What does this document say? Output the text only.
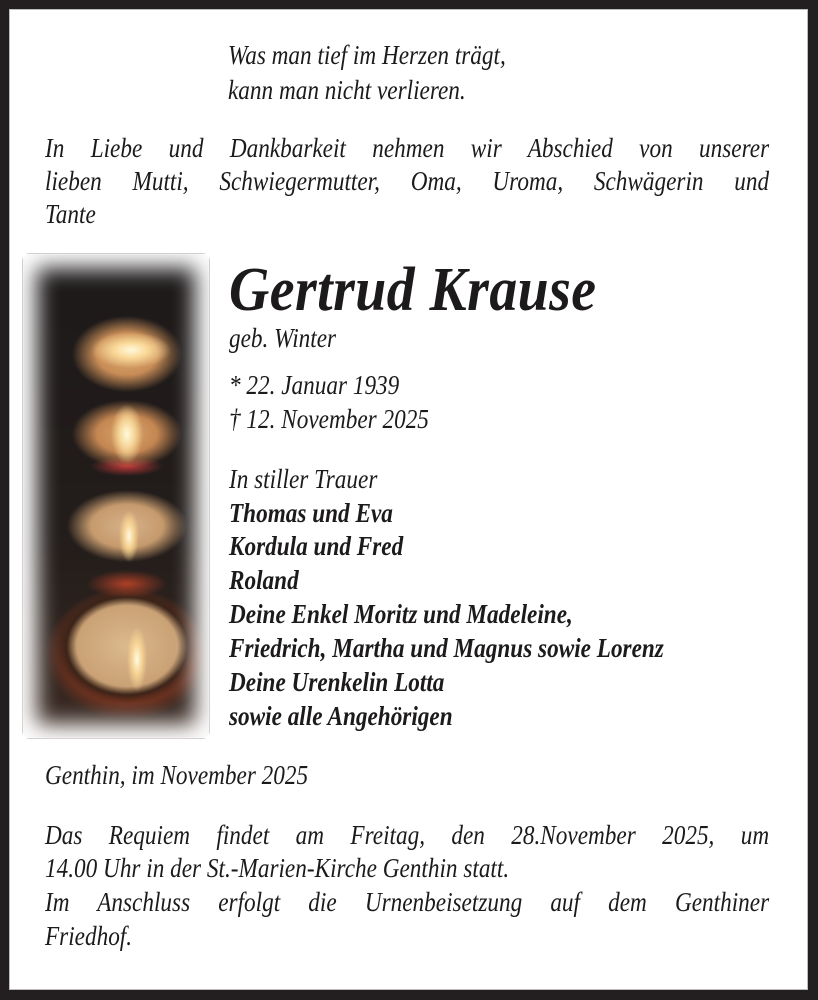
Was man tief im Herzen trägt,
kann man nicht verlieren.
In Liebe und Dankbarkeit nehmen wir Abschied von unserer
lieben Mutti, Schwiegermutter, Oma, Uroma, Schwägerin und
Tante
Gertrud Krause
geb. Winter
* 22. Januar 1939
† 12. November 2025
In stiller Trauer
Thomas und Eva
Kordula und Fred
Roland
Deine Enkel Moritz und Madeleine,
Friedrich, Martha und Magnus sowie Lorenz
Deine Urenkelin Lotta
sowie alle Angehörigen
Genthin, im November 2025
Das Requiem findet am Freitag, den 28.November 2025, um
14.00 Uhr in der St.-Marien-Kirche Genthin statt.
Im Anschluss erfolgt die Urnenbeisetzung auf dem Genthiner
Friedhof.
